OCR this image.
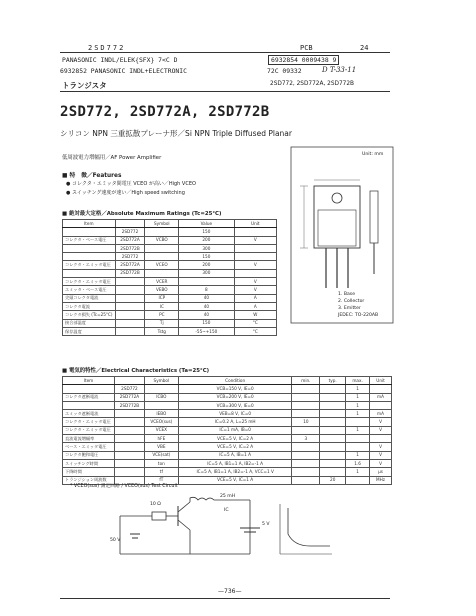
2SD772	PCB	24
PANASONIC INDL/ELEK{SFX} 7<C D	6932854 0009438 9
6932852 PANASONIC INDL+ELECTRONIC	72C 09332	D T-33-11
トランジスタ	2SD772, 2SD772A, 2SD772B
2SD772, 2SD772A, 2SD772B
シリコン NPN 三重拡散プレーナ形／Si NPN Triple Diffused Planar
低周波電力増幅用／AF Power Amplifier
■ 特　徴／Features
● コレクタ・エミッタ間電圧 VCEO が高い／High VCEO
● スイッチング速度が速い／High speed switching
■ 絶対最大定格／Absolute Maximum Ratings (Tc=25°C)
Item		Symbol	Value	Unit
	2SD772		150	
コレクタ・ベース電圧	2SD772A	VCBO	200	V
	2SD772B		300	
	2SD772		150	
コレクタ・エミッタ電圧	2SD772A	VCEO	200	V
	2SD772B		300	
コレクタ・エミッタ電圧		VCER		V
エミッタ・ベース電圧		VEBO	8	V
尖頭コレクタ電流		ICP	40	A
コレクタ電流		IC	40	A
コレクタ損失 (Tc=25°C)		PC	40	W
接合部温度		Tj	150	°C
保存温度		Tstg	-55~+150	°C
Unit: mm
1. Base
2. Collector
3. Emitter
JEDEC: TO-220AB
■ 電気的特性／Electrical Characteristics (Ta=25°C)
Item		Symbol	Condition	min.	typ.	max.	Unit
	2SD772		VCB=150 V, IE=0			1	
コレクタ遮断電流	2SD772A	ICBO	VCB=200 V, IE=0			1	mA
	2SD772B		VCB=300 V, IE=0			1	
エミッタ遮断電流		IEBO	VEB=8 V, IC=0			1	mA
コレクタ・エミッタ電圧		VCEO(sus)	IC=0.2 A, L=25 mH	10			V
コレクタ・エミッタ電圧		VCEX	IC=1 mA, IB=0			1	V
直流電流増幅率		hFE	VCE=5 V, IC=2 A	3			
ベース・エミッタ電圧		VBE	VCE=5 V, IC=2 A				V
コレクタ飽和電圧		VCE(sat)	IC=5 A, IB=1 A			1	V
スイッチング時間		ton	IC=5 A, IB1=1 A, IB2=-1 A			1.6	V
下降時間		tf	IC=5 A, IB1=1 A, IB2=-1 A, VCC=1 V			1	μs
トランジション周波数		fT	VCE=5 V, IC=1 A		20		MHz
* VCEO(sus) 測定回路 / VCEO(sus) Test Circuit
25 mH
5 V
50 V
IC
10 Ω
—736—
